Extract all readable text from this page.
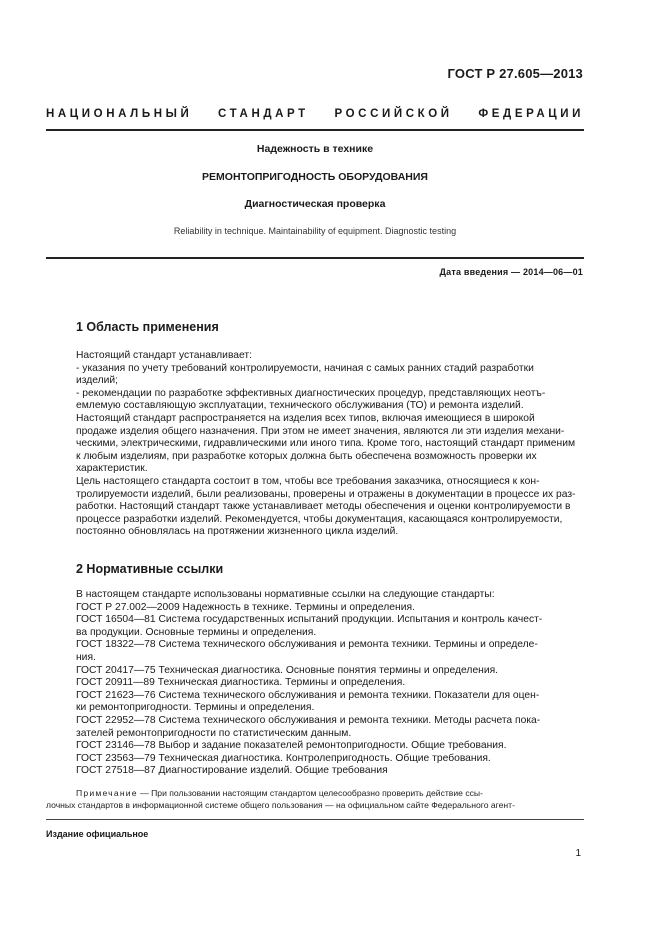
ГОСТ Р 27.605—2013
НАЦИОНАЛЬНЫЙ СТАНДАРТ РОССИЙСКОЙ ФЕДЕРАЦИИ
Надежность в технике
РЕМОНТОПРИГОДНОСТЬ ОБОРУДОВАНИЯ
Диагностическая проверка
Reliability in technique. Maintainability of equipment. Diagnostic testing
Дата введения — 2014—06—01
1 Область применения

Настоящий стандарт устанавливает:

- указания по учету требований контролируемости, начиная с самых ранних стадий разработки

изделий;

- рекомендации по разработке эффективных диагностических процедур, представляющих неотъ-

емлемую составляющую эксплуатации, технического обслуживания (ТО) и ремонта изделий.

Настоящий стандарт распространяется на изделия всех типов, включая имеющиеся в широкой

продаже изделия общего назначения. При этом не имеет значения, являются ли эти изделия механи-

ческими, электрическими, гидравлическими или иного типа. Кроме того, настоящий стандарт применим

к любым изделиям, при разработке которых должна быть обеспечена возможность проверки их

характеристик.

Цель настоящего стандарта состоит в том, чтобы все требования заказчика, относящиеся к кон-

тролируемости изделий, были реализованы, проверены и отражены в документации в процессе их раз-

работки. Настоящий стандарт также устанавливает методы обеспечения и оценки контролируемости в

процессе разработки изделий. Рекомендуется, чтобы документация, касающаяся контролируемости,

постоянно обновлялась на протяжении жизненного цикла изделий.

2 Нормативные ссылки

В настоящем стандарте использованы нормативные ссылки на следующие стандарты:

ГОСТ Р 27.002—2009 Надежность в технике. Термины и определения.

ГОСТ 16504—81 Система государственных испытаний продукции. Испытания и контроль качест-

ва продукции. Основные термины и определения.

ГОСТ 18322—78 Система технического обслуживания и ремонта техники. Термины и определе-

ния.

ГОСТ 20417—75 Техническая диагностика. Основные понятия термины и определения.

ГОСТ 20911—89 Техническая диагностика. Термины и определения.

ГОСТ 21623—76 Система технического обслуживания и ремонта техники. Показатели для оцен-

ки ремонтопригодности. Термины и определения.

ГОСТ 22952—78 Система технического обслуживания и ремонта техники. Методы расчета пока-

зателей ремонтопригодности по статистическим данным.

ГОСТ 23146—78 Выбор и задание показателей ремонтопригодности. Общие требования.

ГОСТ 23563—79 Техническая диагностика. Контролепригодность. Общие требования.

ГОСТ 27518—87 Диагностирование изделий. Общие требования

Примечание — При пользовании настоящим стандартом целесообразно проверить действие ссы-
лочных стандартов в информационной системе общего пользования — на официальном сайте Федерального агент-
Издание официальное
1
